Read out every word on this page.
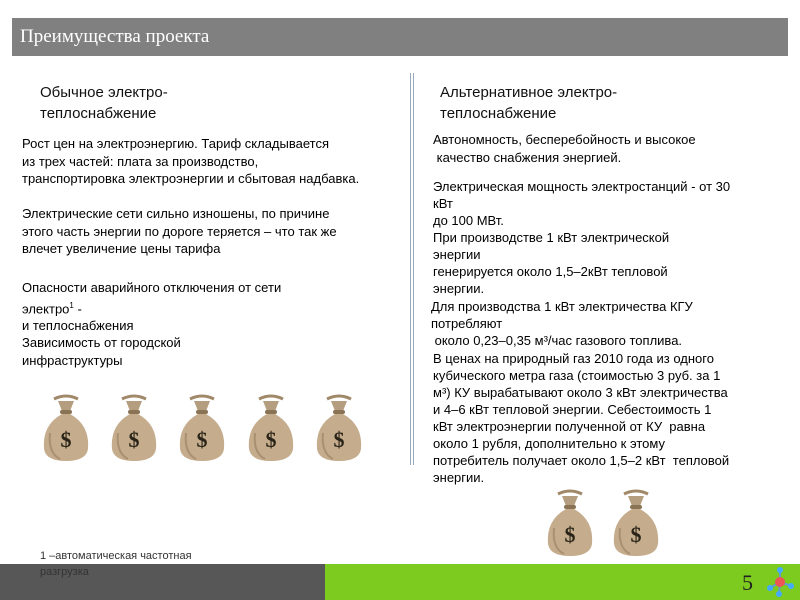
Преимущества проекта
Обычное электро-
теплоснабжение
Рост цен на электроэнергию. Тариф складывается
из трех частей: плата за производство,
транспортировка электроэнергии и сбытовая надбавка.
Электрические сети сильно изношены, по причине
этого часть энергии по дороге теряется – что так же
влечет увеличение цены тарифа
Опасности аварийного отключения от сети
электро$^1$ -
и теплоснабжения
Зависимость от городской
инфраструктуры
Альтернативное электро-
теплоснабжение
Автономность, бесперебойность и высокое
качество снабжения энергией.
Электрическая мощность электростанций - от 30
кВт
до 100 МВт.
При производстве 1 кВт электрической
энергии
генерируется около 1,5–2кВт тепловой
энергии.
Для производства 1 кВт электричества КГУ
потребляют
около 0,23–0,35 м³/час газового топлива.
В ценах на природный газ 2010 года из одного
кубического метра газа (стоимостью 3 руб. за 1
м³) КУ вырабатывают около 3 кВт электричества
и 4–6 кВт тепловой энергии. Себестоимость 1
кВт электроэнергии полученной от КУ  равна
около 1 рубля, дополнительно к этому
потребитель получает около 1,5–2 кВт  тепловой
энергии.
$	$	$	$	$
$	$
1 –автоматическая частотная
разгрузка	5
